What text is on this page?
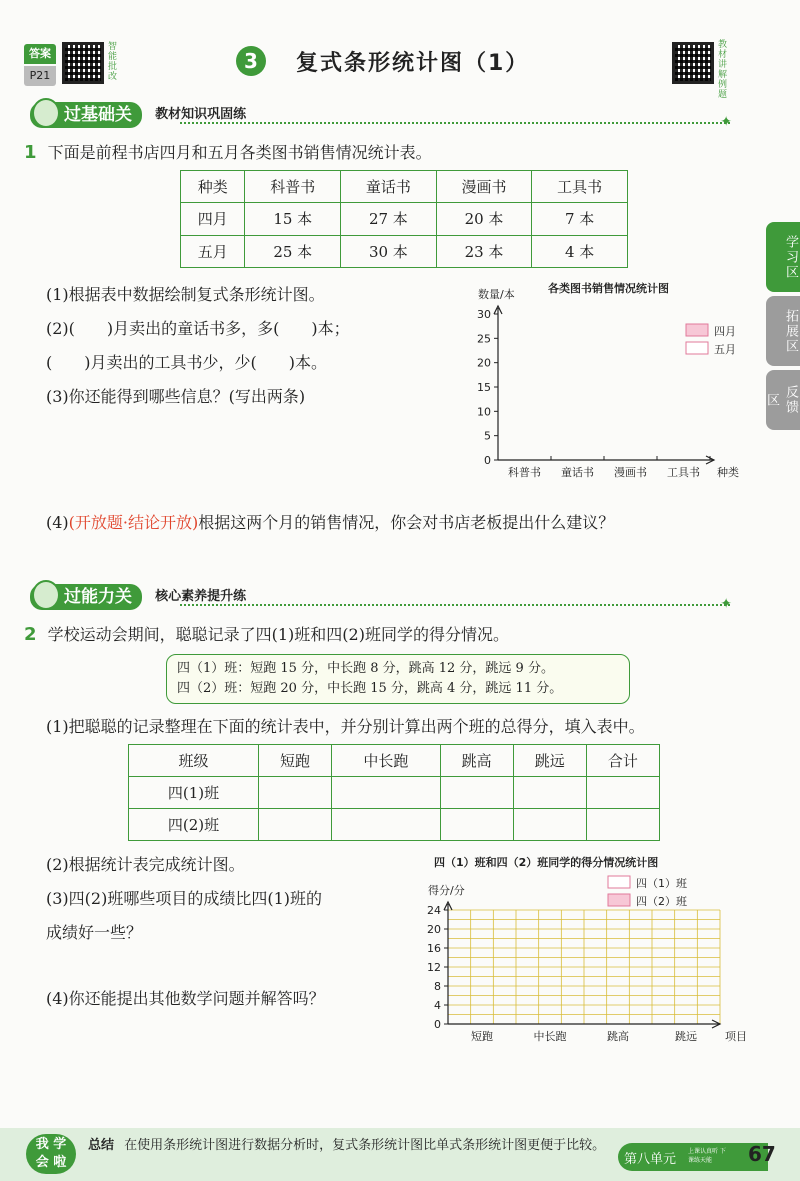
答案
P21
智能批改
3	复式条形统计图（1）
教材讲解例题
学习区
拓展区
反馈区
过基础关 教材知识巩固练	✦
1 下面是前程书店四月和五月各类图书销售情况统计表。
种类	科普书	童话书	漫画书	工具书
四月	15 本	27 本	20 本	7 本
五月	25 本	30 本	23 本	4 本
(1)根据表中数据绘制复式条形统计图。
(2)(　　)月卖出的童话书多，多(　　)本；
(　　)月卖出的工具书少，少(　　)本。
(3)你还能得到哪些信息？(写出两条)
各类图书销售情况统计图
数量/本
0
5
10
15
20
25
30
科普书 童话书 漫画书 工具书 种类
四月
五月
(4)(开放题·结论开放)根据这两个月的销售情况，你会对书店老板提出什么建议？
过能力关 核心素养提升练	✦
2 学校运动会期间，聪聪记录了四(1)班和四(2)班同学的得分情况。
四（1）班：短跑 15 分，中长跑 8 分，跳高 12 分，跳远 9 分。
四（2）班：短跑 20 分，中长跑 15 分，跳高 4 分，跳远 11 分。
(1)把聪聪的记录整理在下面的统计表中，并分别计算出两个班的总得分，填入表中。
班级	短跑	中长跑	跳高	跳远	合计
四(1)班					
四(2)班					
(2)根据统计表完成统计图。
(3)四(2)班哪些项目的成绩比四(1)班的
成绩好一些？
(4)你还能提出其他数学问题并解答吗？
四（1）班和四（2）班同学的得分情况统计图
得分/分
0
4
8
12
16
20
24
短跑	中长跑	跳高	跳远	项目
四（1）班
四（2）班
我 学
会 啦
总结 在使用条形统计图进行数据分析时，复式条形统计图比单式条形统计图更便于比较。
第八单元
上课认真听 下课练天能	67
